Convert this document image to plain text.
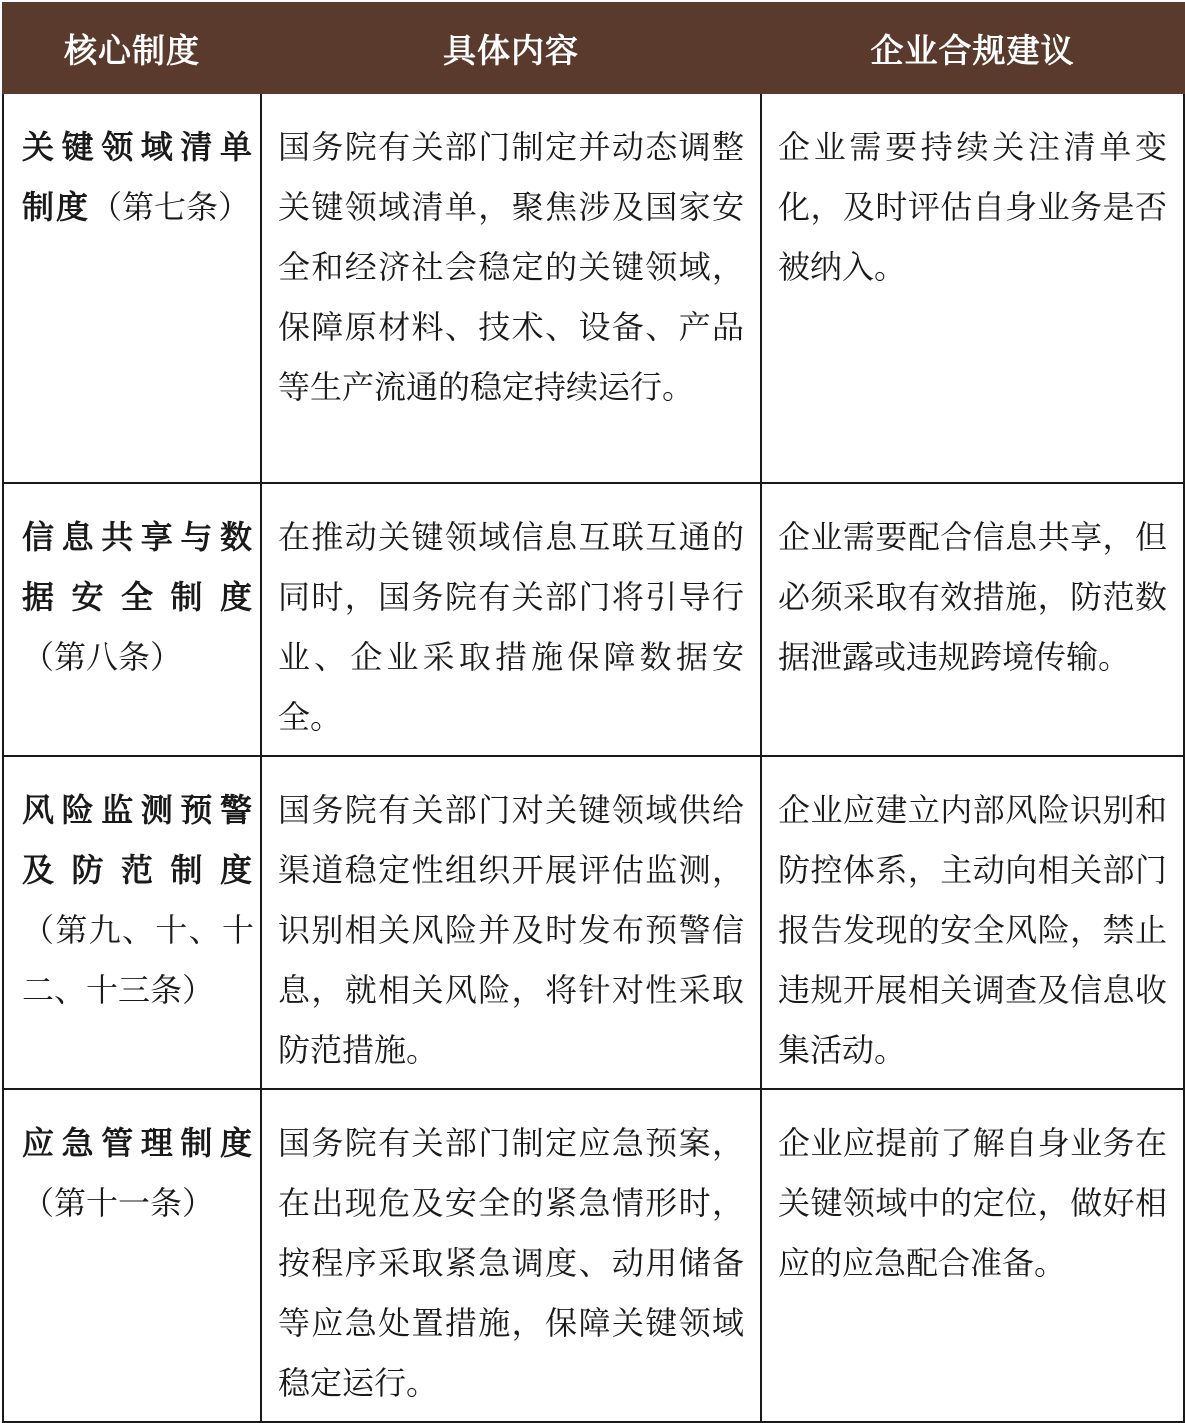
核心制度	具体内容	企业合规建议
关键领域清单制度（第七条）	国务院有关部门制定并动态调整关键领域清单，聚焦涉及国家安全和经济社会稳定的关键领域，保障原材料、技术、设备、产品等生产流通的稳定持续运行。	企业需要持续关注清单变化，及时评估自身业务是否被纳入。
信息共享与数据安全制度（第八条）	在推动关键领域信息互联互通的同时，国务院有关部门将引导行业、企业采取措施保障数据安全。	企业需要配合信息共享，但必须采取有效措施，防范数据泄露或违规跨境传输。
风险监测预警及防范制度（第九、十、十二、十三条）	国务院有关部门对关键领域供给渠道稳定性组织开展评估监测，识别相关风险并及时发布预警信息，就相关风险，将针对性采取防范措施。	企业应建立内部风险识别和防控体系，主动向相关部门报告发现的安全风险，禁止违规开展相关调查及信息收集活动。
应急管理制度（第十一条）	国务院有关部门制定应急预案，在出现危及安全的紧急情形时，按程序采取紧急调度、动用储备等应急处置措施，保障关键领域稳定运行。	企业应提前了解自身业务在关键领域中的定位，做好相应的应急配合准备。
